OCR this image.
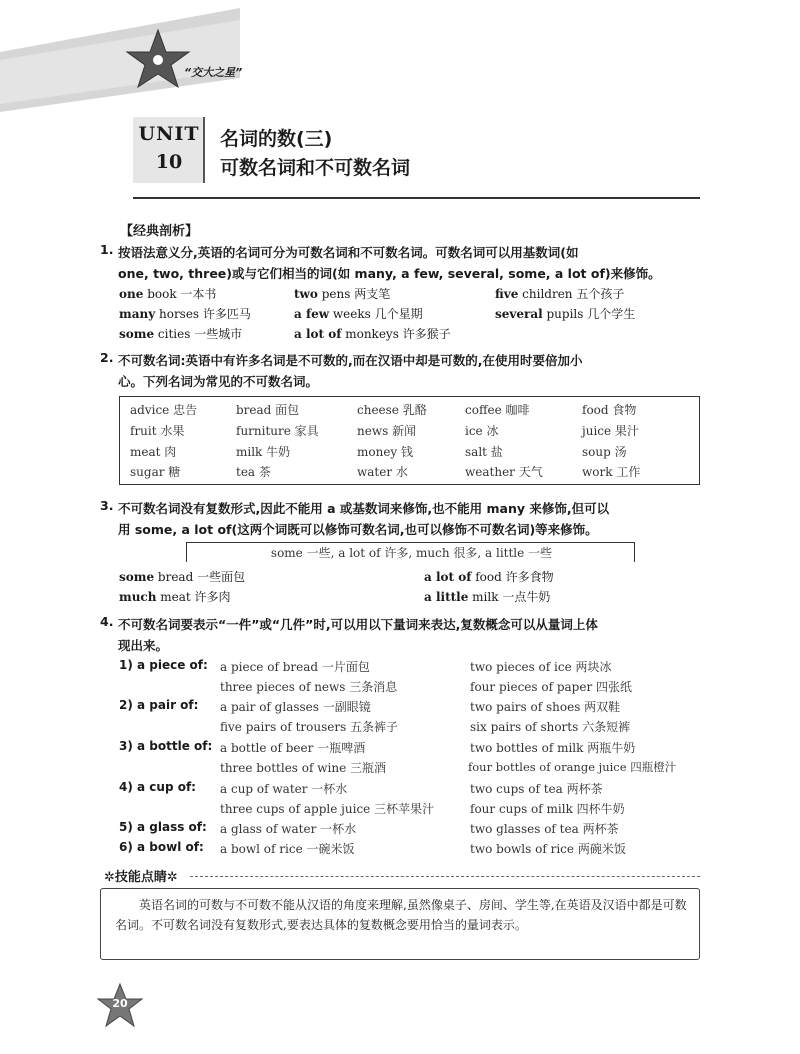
“交大之星”
UNIT
10
名词的数(三)
可数名词和不可数名词
【经典剖析】
1. 按语法意义分,英语的名词可分为可数名词和不可数名词。可数名词可以用基数词(如
one, two, three)或与它们相当的词(如 many, a few, several, some, a lot of)来修饰。
one book 一本书	two pens 两支笔	five children 五个孩子
many horses 许多匹马	a few weeks 几个星期	several pupils 几个学生
some cities 一些城市	a lot of monkeys 许多猴子
2. 不可数名词:英语中有许多名词是不可数的,而在汉语中却是可数的,在使用时要倍加小
心。下列名词为常见的不可数名词。
advice 忠告	bread 面包	cheese 乳酪	coffee 咖啡	food 食物
fruit 水果	furniture 家具	news 新闻	ice 冰	juice 果汁
meat 肉	milk 牛奶	money 钱	salt 盐	soup 汤
sugar 糖	tea 茶	water 水	weather 天气	work 工作
3. 不可数名词没有复数形式,因此不能用 a 或基数词来修饰,也不能用 many 来修饰,但可以
用 some, a lot of(这两个词既可以修饰可数名词,也可以修饰不可数名词)等来修饰。
some 一些, a lot of 许多, much 很多, a little 一些
some bread 一些面包	a lot of food 许多食物
much meat 许多肉	a little milk 一点牛奶
4. 不可数名词要表示“一件”或“几件”时,可以用以下量词来表达,复数概念可以从量词上体
现出来。
1) a piece of: a piece of bread 一片面包	two pieces of ice 两块冰
three pieces of news 三条消息	four pieces of paper 四张纸
2) a pair of: a pair of glasses 一副眼镜	two pairs of shoes 两双鞋
five pairs of trousers 五条裤子	six pairs of shorts 六条短裤
3) a bottle of: a bottle of beer 一瓶啤酒	two bottles of milk 两瓶牛奶
three bottles of wine 三瓶酒	four bottles of orange juice 四瓶橙汁
4) a cup of: a cup of water 一杯水	two cups of tea 两杯茶
three cups of apple juice 三杯苹果汁	four cups of milk 四杯牛奶
5) a glass of: a glass of water 一杯水	two glasses of tea 两杯茶
6) a bowl of: a bowl of rice 一碗米饭	two bowls of rice 两碗米饭
✲技能点睛✲
英语名词的可数与不可数不能从汉语的角度来理解,虽然像桌子、房间、学生等,在英语及汉语中都是可数名词。不可数名词没有复数形式,要表达具体的复数概念要用恰当的量词表示。
20
